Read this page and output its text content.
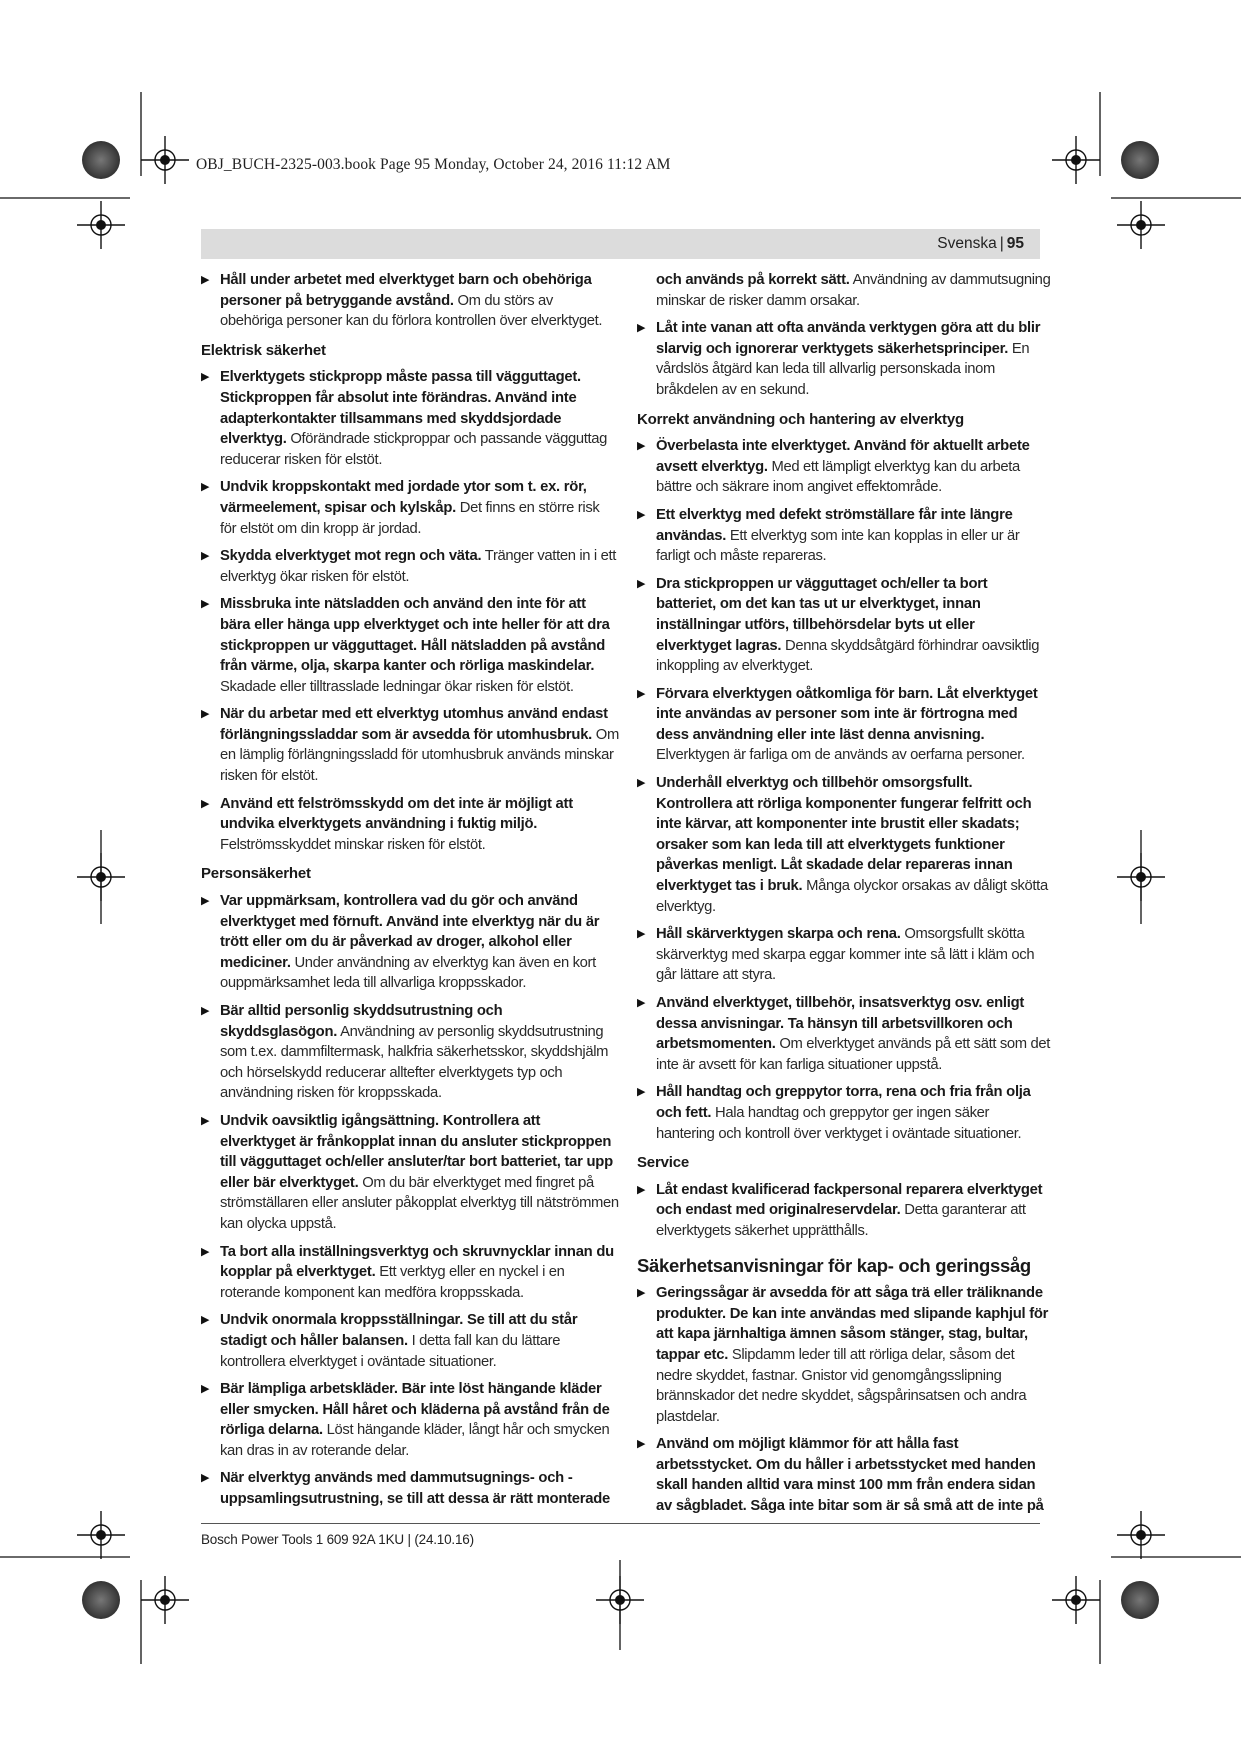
OBJ_BUCH-2325-003.book Page 95 Monday, October 24, 2016 11:12 AM
Svenska | 95
▶ Håll under arbetet med elverktyget barn och obehöriga personer på betryggande avstånd. Om du störs av obehöriga personer kan du förlora kontrollen över elverktyget.
Elektrisk säkerhet
▶ Elverktygets stickpropp måste passa till vägguttaget. Stickproppen får absolut inte förändras. Använd inte adapterkontakter tillsammans med skyddsjordade elverktyg. Oförändrade stickproppar och passande vägguttag reducerar risken för elstöt.
▶ Undvik kroppskontakt med jordade ytor som t. ex. rör, värmeelement, spisar och kylskåp. Det finns en större risk för elstöt om din kropp är jordad.
▶ Skydda elverktyget mot regn och väta. Tränger vatten in i ett elverktyg ökar risken för elstöt.
▶ Missbruka inte nätsladden och använd den inte för att bära eller hänga upp elverktyget och inte heller för att dra stickproppen ur vägguttaget. Håll nätsladden på avstånd från värme, olja, skarpa kanter och rörliga maskindelar. Skadade eller tilltrasslade ledningar ökar risken för elstöt.
▶ När du arbetar med ett elverktyg utomhus använd endast förlängningssladdar som är avsedda för utomhusbruk. Om en lämplig förlängningssladd för utomhusbruk används minskar risken för elstöt.
▶ Använd ett felströmsskydd om det inte är möjligt att undvika elverktygets användning i fuktig miljö. Felströmsskyddet minskar risken för elstöt.
Personsäkerhet
▶ Var uppmärksam, kontrollera vad du gör och använd elverktyget med förnuft. Använd inte elverktyg när du är trött eller om du är påverkad av droger, alkohol eller mediciner. Under användning av elverktyg kan även en kort ouppmärksamhet leda till allvarliga kroppsskador.
▶ Bär alltid personlig skyddsutrustning och skyddsglasögon. Användning av personlig skyddsutrustning som t.ex. dammfiltermask, halkfria säkerhetsskor, skyddshjälm och hörselskydd reducerar alltefter elverktygets typ och användning risken för kroppsskada.
▶ Undvik oavsiktlig igångsättning. Kontrollera att elverktyget är frånkopplat innan du ansluter stickproppen till vägguttaget och/eller ansluter/tar bort batteriet, tar upp eller bär elverktyget. Om du bär elverktyget med fingret på strömställaren eller ansluter påkopplat elverktyg till nätströmmen kan olycka uppstå.
▶ Ta bort alla inställningsverktyg och skruvnycklar innan du kopplar på elverktyget. Ett verktyg eller en nyckel i en roterande komponent kan medföra kroppsskada.
▶ Undvik onormala kroppsställningar. Se till att du står stadigt och håller balansen. I detta fall kan du lättare kontrollera elverktyget i oväntade situationer.
▶ Bär lämpliga arbetskläder. Bär inte löst hängande kläder eller smycken. Håll håret och kläderna på avstånd från de rörliga delarna. Löst hängande kläder, långt hår och smycken kan dras in av roterande delar.
▶ När elverktyg används med dammutsugnings- och -uppsamlingsutrustning, se till att dessa är rätt monterade
och används på korrekt sätt. Användning av dammutsugning minskar de risker damm orsakar.
▶ Låt inte vanan att ofta använda verktygen göra att du blir slarvig och ignorerar verktygets säkerhetsprinciper. En vårdslös åtgärd kan leda till allvarlig personskada inom bråkdelen av en sekund.
Korrekt användning och hantering av elverktyg
▶ Överbelasta inte elverktyget. Använd för aktuellt arbete avsett elverktyg. Med ett lämpligt elverktyg kan du arbeta bättre och säkrare inom angivet effektområde.
▶ Ett elverktyg med defekt strömställare får inte längre användas. Ett elverktyg som inte kan kopplas in eller ur är farligt och måste repareras.
▶ Dra stickproppen ur vägguttaget och/eller ta bort batteriet, om det kan tas ut ur elverktyget, innan inställningar utförs, tillbehörsdelar byts ut eller elverktyget lagras. Denna skyddsåtgärd förhindrar oavsiktlig inkoppling av elverktyget.
▶ Förvara elverktygen oåtkomliga för barn. Låt elverktyget inte användas av personer som inte är förtrogna med dess användning eller inte läst denna anvisning. Elverktygen är farliga om de används av oerfarna personer.
▶ Underhåll elverktyg och tillbehör omsorgsfullt. Kontrollera att rörliga komponenter fungerar felfritt och inte kärvar, att komponenter inte brustit eller skadats; orsaker som kan leda till att elverktygets funktioner påverkas menligt. Låt skadade delar repareras innan elverktyget tas i bruk. Många olyckor orsakas av dåligt skötta elverktyg.
▶ Håll skärverktygen skarpa och rena. Omsorgsfullt skötta skärverktyg med skarpa eggar kommer inte så lätt i kläm och går lättare att styra.
▶ Använd elverktyget, tillbehör, insatsverktyg osv. enligt dessa anvisningar. Ta hänsyn till arbetsvillkoren och arbetsmomenten. Om elverktyget används på ett sätt som det inte är avsett för kan farliga situationer uppstå.
▶ Håll handtag och greppytor torra, rena och fria från olja och fett. Hala handtag och greppytor ger ingen säker hantering och kontroll över verktyget i oväntade situationer.
Service
▶ Låt endast kvalificerad fackpersonal reparera elverktyget och endast med originalreservdelar. Detta garanterar att elverktygets säkerhet upprätthålls.
Säkerhetsanvisningar för kap- och geringssåg
▶ Geringssågar är avsedda för att såga trä eller träliknande produkter. De kan inte användas med slipande kaphjul för att kapa järnhaltiga ämnen såsom stänger, stag, bultar, tappar etc. Slipdamm leder till att rörliga delar, såsom det nedre skyddet, fastnar. Gnistor vid genomgångsslipning brännskador det nedre skyddet, sågspårinsatsen och andra plastdelar.
▶ Använd om möjligt klämmor för att hålla fast arbetsstycket. Om du håller i arbetsstycket med handen skall handen alltid vara minst 100 mm från endera sidan av sågbladet. Såga inte bitar som är så små att de inte på
Bosch Power Tools 1 609 92A 1KU | (24.10.16)
